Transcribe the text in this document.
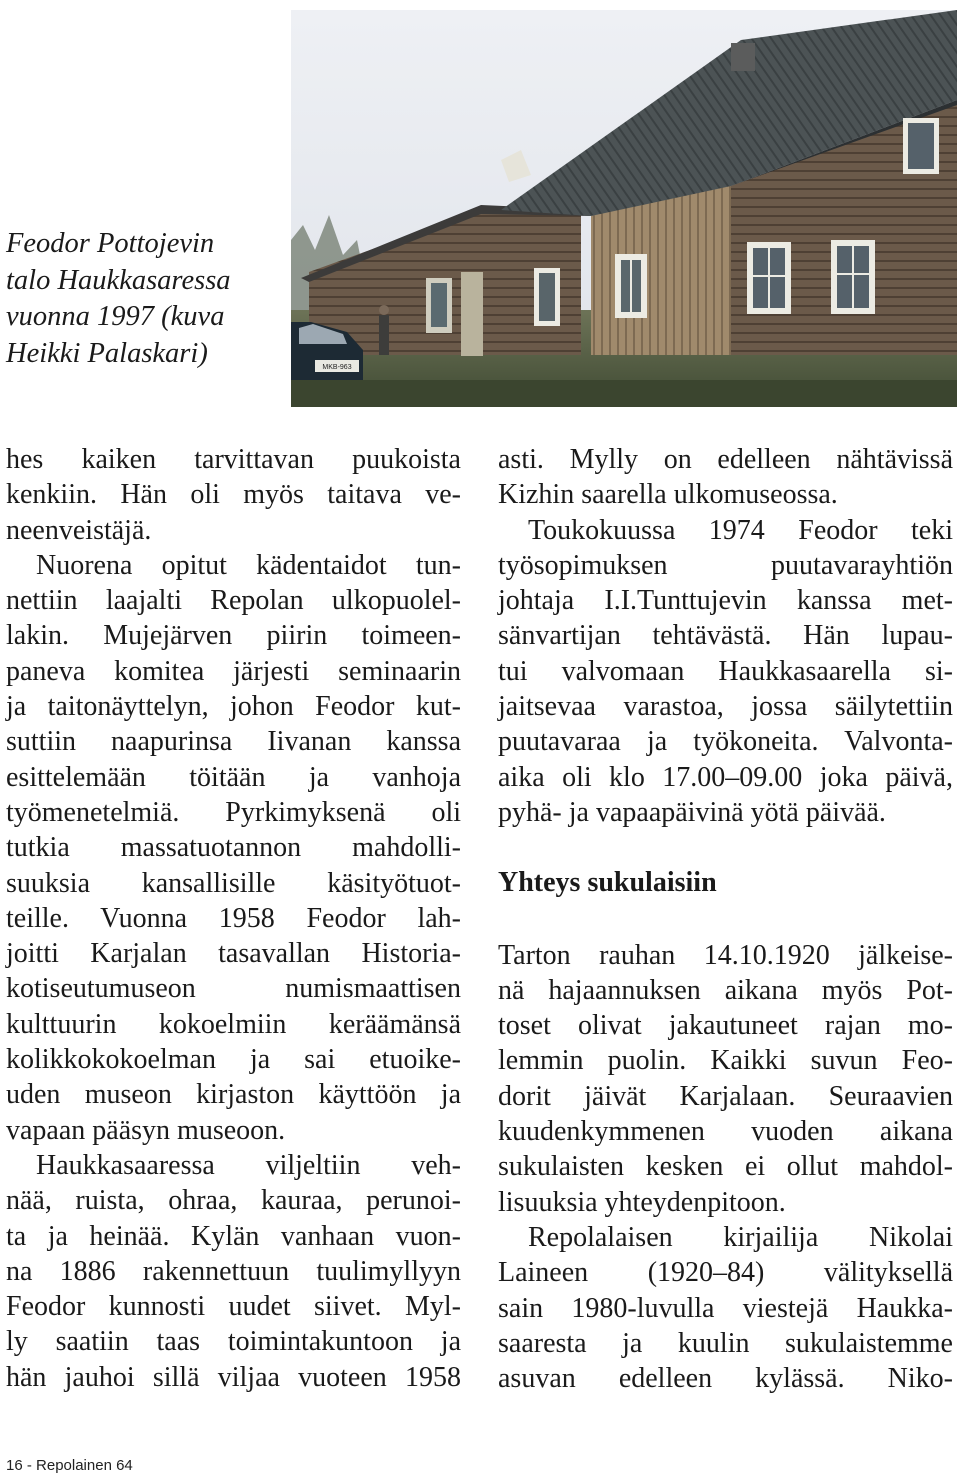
Feodor Pottojevin
talo Haukkasaressa
vuonna 1997 (kuva
Heikki Palaskari)	MKB-963
hes kaiken tarvittavan puukoista
kenkiin. Hän oli myös taitava ve-
neenveistäjä.
Nuorena opitut kädentaidot tun-
nettiin laajalti Repolan ulkopuolel-
lakin. Mujejärven piirin toimeen-
paneva komitea järjesti seminaarin
ja taitonäyttelyn, johon Feodor kut-
suttiin naapurinsa Iivanan kanssa
esittelemään töitään ja vanhoja
työmenetelmiä. Pyrkimyksenä oli
tutkia massatuotannon mahdolli-
suuksia kansallisille käsityötuot-
teille. Vuonna 1958 Feodor lah-
joitti Karjalan tasavallan Historia-
kotiseutumuseon numismaattisen
kulttuurin kokoelmiin keräämänsä
kolikkokokoelman ja sai etuoike-
uden museon kirjaston käyttöön ja
vapaan pääsyn museoon.
Haukkasaaressa viljeltiin veh-
nää, ruista, ohraa, kauraa, perunoi-
ta ja heinää. Kylän vanhaan vuon-
na 1886 rakennettuun tuulimyllyyn
Feodor kunnosti uudet siivet. Myl-
ly saatiin taas toimintakuntoon ja
hän jauhoi sillä viljaa vuoteen 1958
asti. Mylly on edelleen nähtävissä
Kizhin saarella ulkomuseossa.
Toukokuussa 1974 Feodor teki
työsopimuksen puutavarayhtiön
johtaja I.I.Tunttujevin kanssa met-
sänvartijan tehtävästä. Hän lupau-
tui valvomaan Haukkasaarella si-
jaitsevaa varastoa, jossa säilytettiin
puutavaraa ja työkoneita. Valvonta-
aika oli klo 17.00–09.00 joka päivä,
pyhä- ja vapaapäivinä yötä päivää.
Yhteys sukulaisiin
Tarton rauhan 14.10.1920 jälkeise-
nä hajaannuksen aikana myös Pot-
toset olivat jakautuneet rajan mo-
lemmin puolin. Kaikki suvun Feo-
dorit jäivät Karjalaan. Seuraavien
kuudenkymmenen vuoden aikana
sukulaisten kesken ei ollut mahdol-
lisuuksia yhteydenpitoon.
Repolalaisen kirjailija Nikolai
Laineen (1920–84) välityksellä
sain 1980-luvulla viestejä Haukka-
saaresta ja kuulin sukulaistemme
asuvan edelleen kylässä. Niko-
16 - Repolainen 64
